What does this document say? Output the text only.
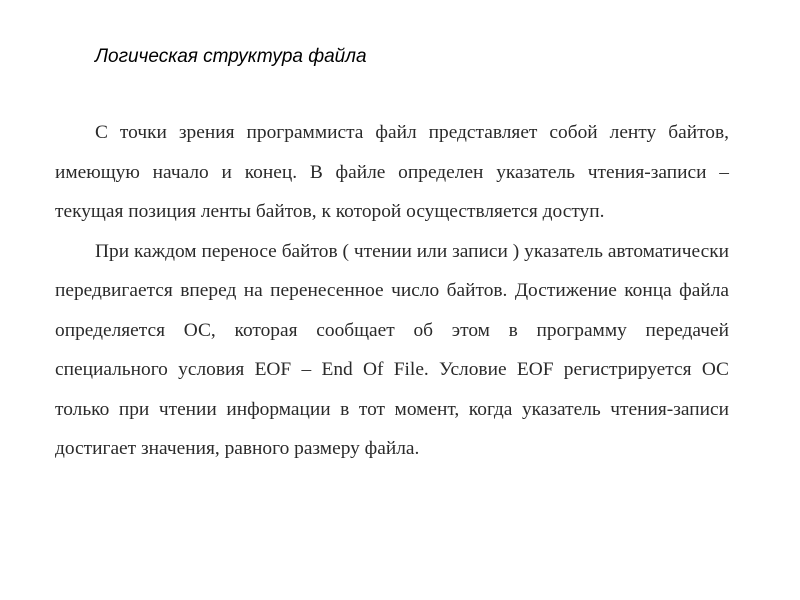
Логическая структура файла

С точки зрения программиста файл представляет собой ленту байтов, имеющую начало и конец. В файле определен указатель чтения-записи – текущая позиция ленты байтов, к которой осуществляется доступ.

При каждом переносе байтов ( чтении или записи ) указатель автоматически передвигается вперед на перенесенное число байтов. Достижение конца файла определяется ОС, которая сообщает об этом в программу передачей специального условия EOF – End Of File. Условие EOF регистрируется ОС только при чтении информации в тот момент, когда указатель чтения-записи достигает значения, равного размеру файла.
